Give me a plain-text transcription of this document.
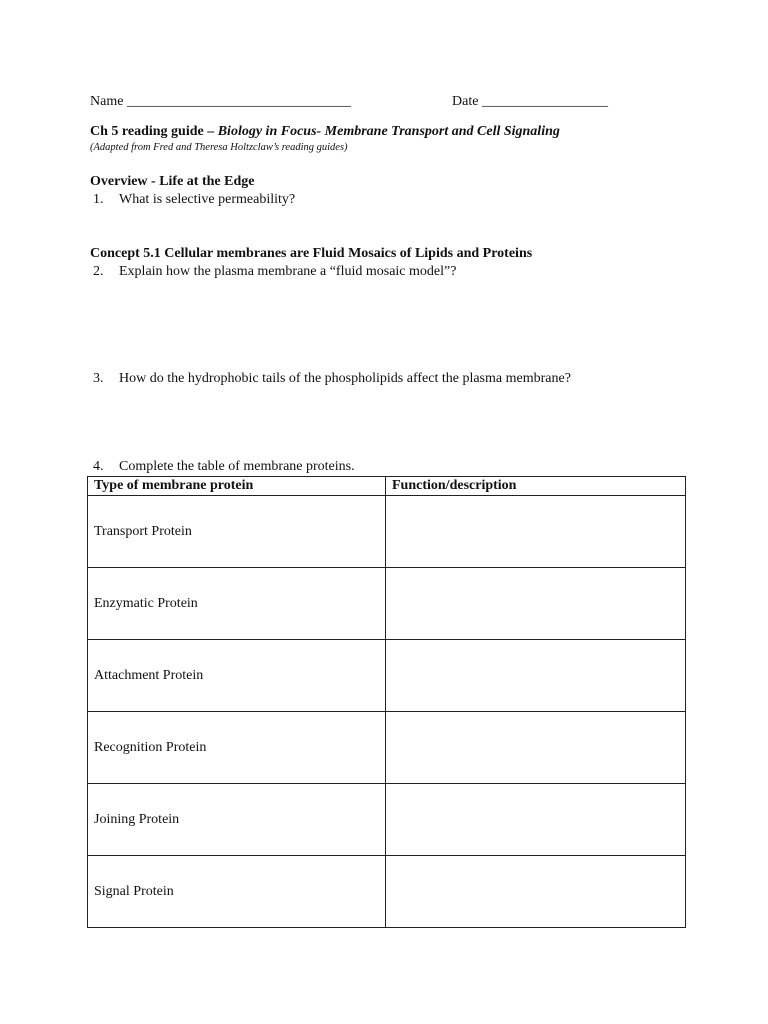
Name ________________________________	Date __________________
Ch 5 reading guide – Biology in Focus- Membrane Transport and Cell Signaling
(Adapted from Fred and Theresa Holtzclaw’s reading guides)
Overview - Life at the Edge
1.	What is selective permeability?
Concept 5.1 Cellular membranes are Fluid Mosaics of Lipids and Proteins
2.	Explain how the plasma membrane a “fluid mosaic model”?
3.	How do the hydrophobic tails of the phospholipids affect the plasma membrane?
4.	Complete the table of membrane proteins.
Type of membrane protein	Function/description
Transport Protein	
Enzymatic Protein	
Attachment Protein	
Recognition Protein	
Joining Protein	
Signal Protein	
